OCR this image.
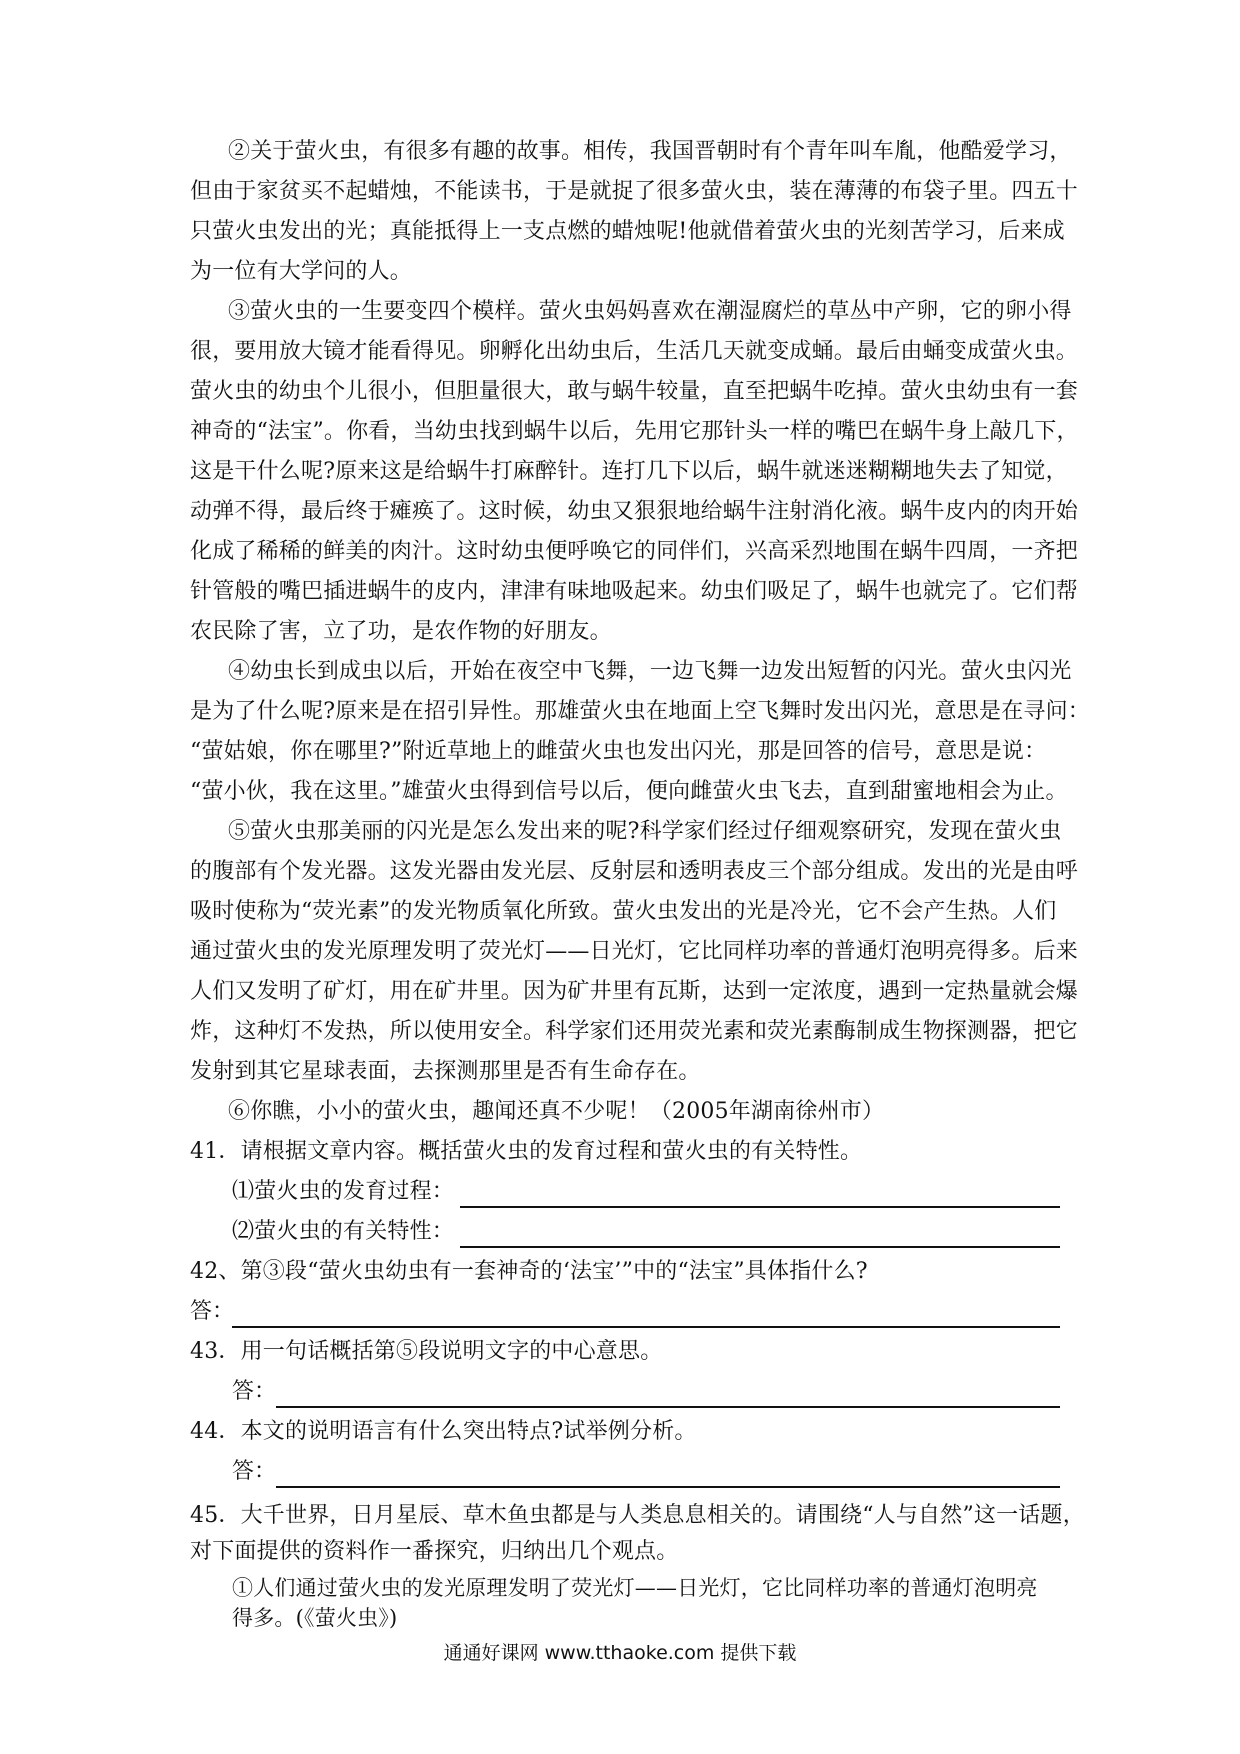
②关于萤火虫，有很多有趣的故事。相传，我国晋朝时有个青年叫车胤，他酷爱学习，
但由于家贫买不起蜡烛，不能读书，于是就捉了很多萤火虫，装在薄薄的布袋子里。四五十
只萤火虫发出的光；真能抵得上一支点燃的蜡烛呢!他就借着萤火虫的光刻苦学习，后来成
为一位有大学问的人。
③萤火虫的一生要变四个模样。萤火虫妈妈喜欢在潮湿腐烂的草丛中产卵，它的卵小得
很，要用放大镜才能看得见。卵孵化出幼虫后，生活几天就变成蛹。最后由蛹变成萤火虫。
萤火虫的幼虫个儿很小，但胆量很大，敢与蜗牛较量，直至把蜗牛吃掉。萤火虫幼虫有一套
神奇的“法宝”。你看，当幼虫找到蜗牛以后，先用它那针头一样的嘴巴在蜗牛身上敲几下，
这是干什么呢?原来这是给蜗牛打麻醉针。连打几下以后，蜗牛就迷迷糊糊地失去了知觉，
动弹不得，最后终于瘫痪了。这时候，幼虫又狠狠地给蜗牛注射消化液。蜗牛皮内的肉开始
化成了稀稀的鲜美的肉汁。这时幼虫便呼唤它的同伴们，兴高采烈地围在蜗牛四周，一齐把
针管般的嘴巴插进蜗牛的皮内，津津有味地吸起来。幼虫们吸足了，蜗牛也就完了。它们帮
农民除了害，立了功，是农作物的好朋友。
④幼虫长到成虫以后，开始在夜空中飞舞，一边飞舞一边发出短暂的闪光。萤火虫闪光
是为了什么呢?原来是在招引异性。那雄萤火虫在地面上空飞舞时发出闪光，意思是在寻问：
“萤姑娘，你在哪里?”附近草地上的雌萤火虫也发出闪光，那是回答的信号，意思是说：
“萤小伙，我在这里。”雄萤火虫得到信号以后，便向雌萤火虫飞去，直到甜蜜地相会为止。
⑤萤火虫那美丽的闪光是怎么发出来的呢?科学家们经过仔细观察研究，发现在萤火虫
的腹部有个发光器。这发光器由发光层、反射层和透明表皮三个部分组成。发出的光是由呼
吸时使称为“荧光素”的发光物质氧化所致。萤火虫发出的光是冷光，它不会产生热。人们
通过萤火虫的发光原理发明了荧光灯——日光灯，它比同样功率的普通灯泡明亮得多。后来
人们又发明了矿灯，用在矿井里。因为矿井里有瓦斯，达到一定浓度，遇到一定热量就会爆
炸，这种灯不发热，所以使用安全。科学家们还用荧光素和荧光素酶制成生物探测器，把它
发射到其它星球表面，去探测那里是否有生命存在。
⑥你瞧，小小的萤火虫，趣闻还真不少呢！（2005年湖南徐州市）
41．请根据文章内容。概括萤火虫的发育过程和萤火虫的有关特性。
⑴萤火虫的发育过程：
⑵萤火虫的有关特性：
42、第③段“萤火虫幼虫有一套神奇的‘法宝’”中的“法宝”具体指什么?
答：
43．用一句话概括第⑤段说明文字的中心意思。
答：
44．本文的说明语言有什么突出特点?试举例分析。
答：
45．大千世界，日月星辰、草木鱼虫都是与人类息息相关的。请围绕“人与自然”这一话题，
对下面提供的资料作一番探究，归纳出几个观点。
①人们通过萤火虫的发光原理发明了荧光灯——日光灯，它比同样功率的普通灯泡明亮
得多。(《萤火虫》)
通通好课网 www.tthaoke.com 提供下载
